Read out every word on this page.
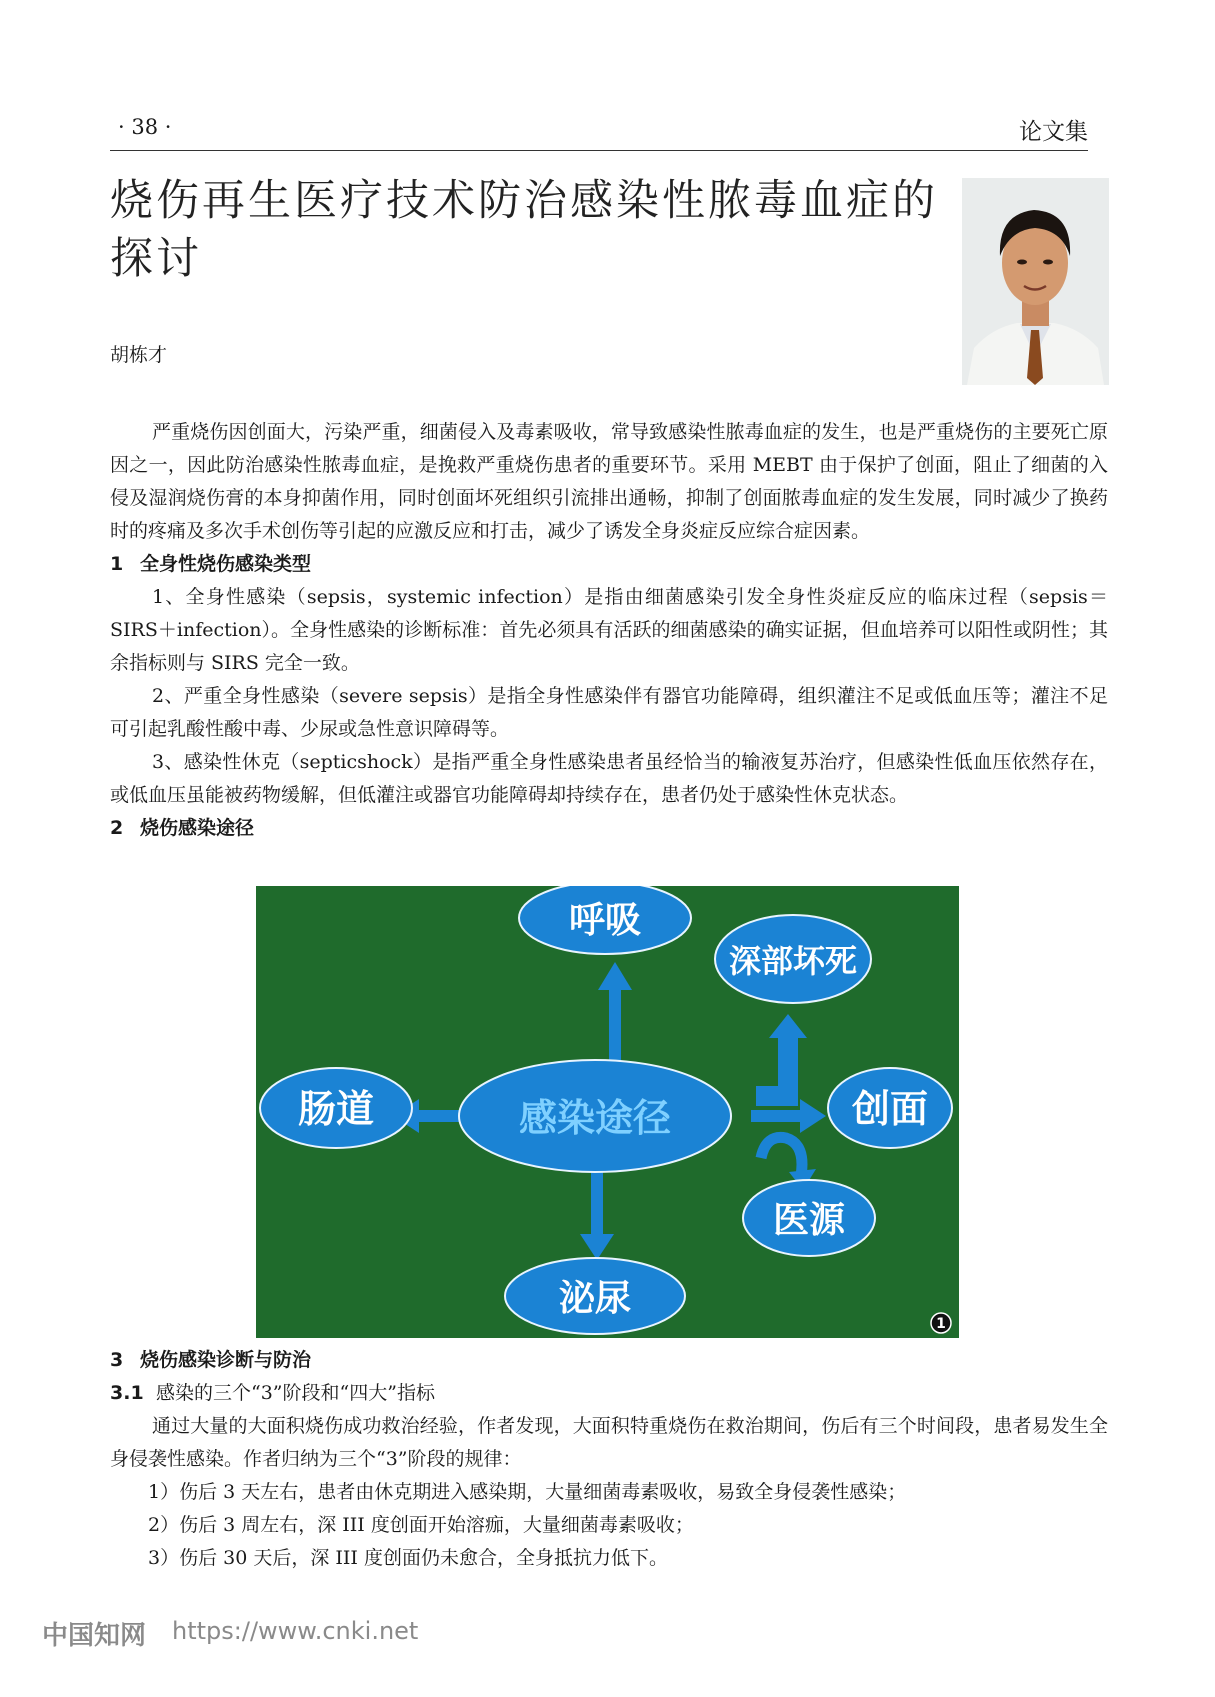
· 38 ·	论文集
烧伤再生医疗技术防治感染性脓毒血症的探讨
胡栋才

严重烧伤因创面大，污染严重，细菌侵入及毒素吸收，常导致感染性脓毒血症的发生，也是严重烧伤的主要死亡原因之一，因此防治感染性脓毒血症，是挽救严重烧伤患者的重要环节。采用 MEBT 由于保护了创面，阻止了细菌的入侵及湿润烧伤膏的本身抑菌作用，同时创面坏死组织引流排出通畅，抑制了创面脓毒血症的发生发展，同时减少了换药时的疼痛及多次手术创伤等引起的应激反应和打击，减少了诱发全身炎症反应综合症因素。

1 全身性烧伤感染类型

1、全身性感染（sepsis，systemic infection）是指由细菌感染引发全身性炎症反应的临床过程（sepsis＝SIRS＋infection）。全身性感染的诊断标准：首先必须具有活跃的细菌感染的确实证据，但血培养可以阳性或阴性；其余指标则与 SIRS 完全一致。

2、严重全身性感染（severe sepsis）是指全身性感染伴有器官功能障碍，组织灌注不足或低血压等；灌注不足可引起乳酸性酸中毒、少尿或急性意识障碍等。

3、感染性休克（septicshock）是指严重全身性感染患者虽经恰当的输液复苏治疗，但感染性低血压依然存在，或低血压虽能被药物缓解，但低灌注或器官功能障碍却持续存在，患者仍处于感染性休克状态。

2 烧伤感染途径
呼吸
深部坏死
感染途径
肠道	创面
医源
泌尿
1
3 烧伤感染诊断与防治
3.1 感染的三个“3”阶段和“四大”指标

通过大量的大面积烧伤成功救治经验，作者发现，大面积特重烧伤在救治期间，伤后有三个时间段，患者易发生全身侵袭性感染。作者归纳为三个“3”阶段的规律：

1）伤后 3 天左右，患者由休克期进入感染期，大量细菌毒素吸收，易致全身侵袭性感染；

2）伤后 3 周左右，深 III 度创面开始溶痂，大量细菌毒素吸收；

3）伤后 30 天后，深 III 度创面仍未愈合，全身抵抗力低下。

中国知网 https://www.cnki.net
